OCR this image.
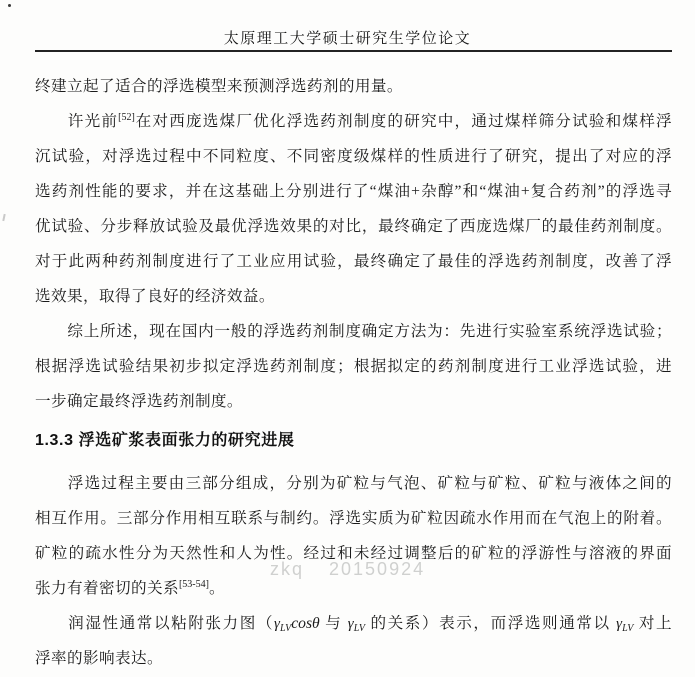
太原理工大学硕士研究生学位论文
zkq 20150924
终建立起了适合的浮选模型来预测浮选药剂的用量。
许光前[52]在对西庞选煤厂优化浮选药剂制度的研究中，通过煤样筛分试验和煤样浮
沉试验，对浮选过程中不同粒度、不同密度级煤样的性质进行了研究，提出了对应的浮
选药剂性能的要求，并在这基础上分别进行了“煤油+杂醇”和“煤油+复合药剂”的浮选寻
优试验、分步释放试验及最优浮选效果的对比，最终确定了西庞选煤厂的最佳药剂制度。
对于此两种药剂制度进行了工业应用试验，最终确定了最佳的浮选药剂制度，改善了浮
选效果，取得了良好的经济效益。
综上所述，现在国内一般的浮选药剂制度确定方法为：先进行实验室系统浮选试验；
根据浮选试验结果初步拟定浮选药剂制度；根据拟定的药剂制度进行工业浮选试验，进
一步确定最终浮选药剂制度。
1.3.3 浮选矿浆表面张力的研究进展
浮选过程主要由三部分组成，分别为矿粒与气泡、矿粒与矿粒、矿粒与液体之间的
相互作用。三部分作用相互联系与制约。浮选实质为矿粒因疏水作用而在气泡上的附着。
矿粒的疏水性分为天然性和人为性。经过和未经过调整后的矿粒的浮游性与溶液的界面
张力有着密切的关系[53-54]。
润湿性通常以粘附张力图（$\gamma_{LV}\cos\theta$ 与 $\gamma_{LV}$ 的关系）表示，而浮选则通常以 $\gamma_{LV}$ 对上
浮率的影响表达。
